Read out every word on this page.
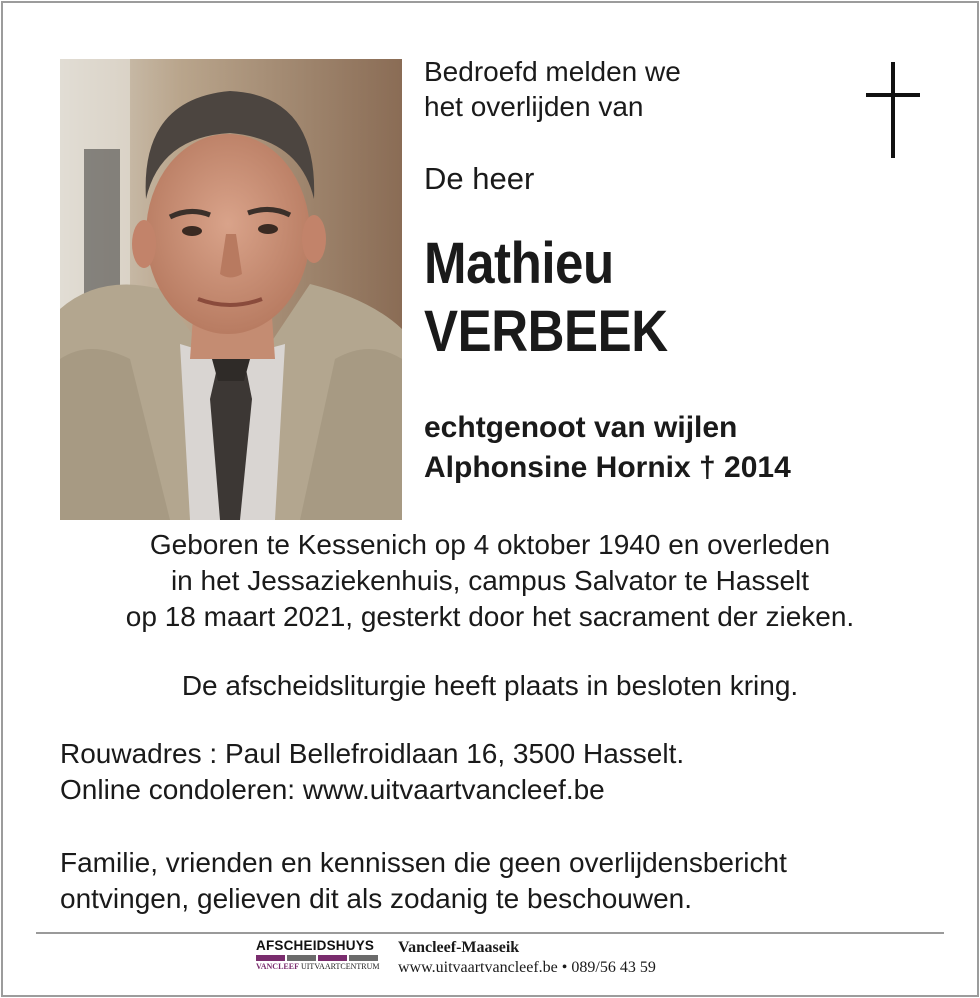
Bedroefd melden we
het overlijden van
De heer
Mathieu
VERBEEK
echtgenoot van wijlen
Alphonsine Hornix † 2014
Geboren te Kessenich op 4 oktober 1940 en overleden
in het Jessaziekenhuis, campus Salvator te Hasselt
op 18 maart 2021, gesterkt door het sacrament der zieken.
De afscheidsliturgie heeft plaats in besloten kring.
Rouwadres : Paul Bellefroidlaan 16, 3500 Hasselt.
Online condoleren: www.uitvaartvancleef.be
Familie, vrienden en kennissen die geen overlijdensbericht
ontvingen, gelieven dit als zodanig te beschouwen.
AFSCHEIDSHUYS
VANCLEEF UITVAARTCENTRUM
Vancleef-Maaseik
www.uitvaartvancleef.be • 089/56 43 59
